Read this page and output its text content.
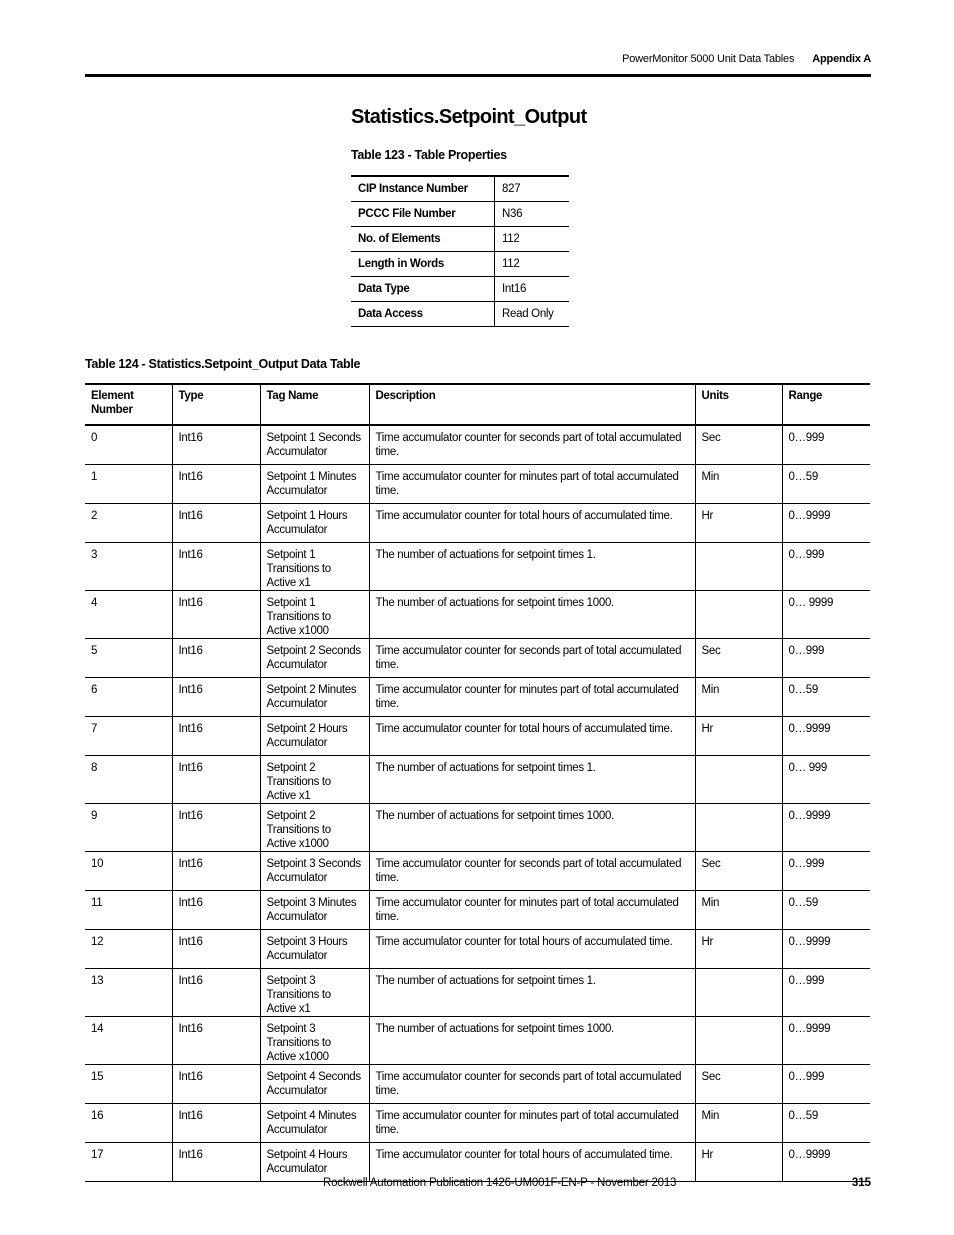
PowerMonitor 5000 Unit Data Tables Appendix A
Statistics.Setpoint_Output
Table 123 - Table Properties
CIP Instance Number	827
PCCC File Number	N36
No. of Elements	112
Length in Words	112
Data Type	Int16
Data Access	Read Only
Table 124 - Statistics.Setpoint_Output Data Table
Element Number	Type	Tag Name	Description	Units	Range
0	Int16	Setpoint 1 Seconds Accumulator	Time accumulator counter for seconds part of total accumulated time.	Sec	0…999
1	Int16	Setpoint 1 Minutes Accumulator	Time accumulator counter for minutes part of total accumulated time.	Min	0…59
2	Int16	Setpoint 1 Hours Accumulator	Time accumulator counter for total hours of accumulated time.	Hr	0…9999
3	Int16	Setpoint 1 Transitions to Active x1	The number of actuations for setpoint times 1.		0…999
4	Int16	Setpoint 1 Transitions to Active x1000	The number of actuations for setpoint times 1000.		0… 9999
5	Int16	Setpoint 2 Seconds Accumulator	Time accumulator counter for seconds part of total accumulated time.	Sec	0…999
6	Int16	Setpoint 2 Minutes Accumulator	Time accumulator counter for minutes part of total accumulated time.	Min	0…59
7	Int16	Setpoint 2 Hours Accumulator	Time accumulator counter for total hours of accumulated time.	Hr	0…9999
8	Int16	Setpoint 2 Transitions to Active x1	The number of actuations for setpoint times 1.		0… 999
9	Int16	Setpoint 2 Transitions to Active x1000	The number of actuations for setpoint times 1000.		0…9999
10	Int16	Setpoint 3 Seconds Accumulator	Time accumulator counter for seconds part of total accumulated time.	Sec	0…999
11	Int16	Setpoint 3 Minutes Accumulator	Time accumulator counter for minutes part of total accumulated time.	Min	0…59
12	Int16	Setpoint 3 Hours Accumulator	Time accumulator counter for total hours of accumulated time.	Hr	0…9999
13	Int16	Setpoint 3 Transitions to Active x1	The number of actuations for setpoint times 1.		0…999
14	Int16	Setpoint 3 Transitions to Active x1000	The number of actuations for setpoint times 1000.		0…9999
15	Int16	Setpoint 4 Seconds Accumulator	Time accumulator counter for seconds part of total accumulated time.	Sec	0…999
16	Int16	Setpoint 4 Minutes Accumulator	Time accumulator counter for minutes part of total accumulated time.	Min	0…59
17	Int16	Setpoint 4 Hours Accumulator	Time accumulator counter for total hours of accumulated time.	Hr	0…9999
Rockwell Automation Publication 1426-UM001F-EN-P - November 2013	315
